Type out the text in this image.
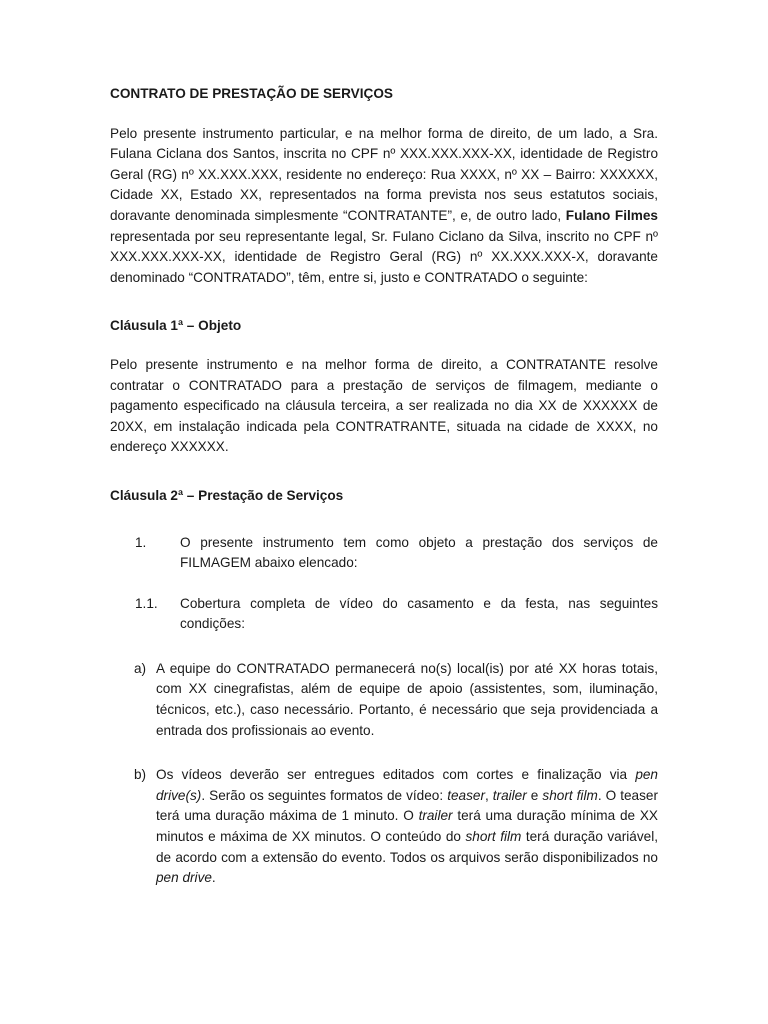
CONTRATO DE PRESTAÇÃO DE SERVIÇOS

Pelo presente instrumento particular, e na melhor forma de direito, de um lado, a Sra. Fulana Ciclana dos Santos, inscrita no CPF nº XXX.XXX.XXX-XX, identidade de Registro Geral (RG) nº XX.XXX.XXX, residente no endereço: Rua XXXX, nº XX – Bairro: XXXXXX, Cidade XX, Estado XX, representados na forma prevista nos seus estatutos sociais, doravante denominada simplesmente “CONTRATANTE”, e, de outro lado, Fulano Filmes representada por seu representante legal, Sr. Fulano Ciclano da Silva, inscrito no CPF nº XXX.XXX.XXX-XX, identidade de Registro Geral (RG) nº XX.XXX.XXX-X, doravante denominado “CONTRATADO”, têm, entre si, justo e CONTRATADO o seguinte:

Cláusula 1ª – Objeto

Pelo presente instrumento e na melhor forma de direito, a CONTRATANTE resolve contratar o CONTRATADO para a prestação de serviços de filmagem, mediante o pagamento especificado na cláusula terceira, a ser realizada no dia XX de XXXXXX de 20XX, em instalação indicada pela CONTRATRANTE, situada na cidade de XXXX, no endereço XXXXXX.

Cláusula 2ª – Prestação de Serviços

1. O presente instrumento tem como objeto a prestação dos serviços de FILMAGEM abaixo elencado:

1.1. Cobertura completa de vídeo do casamento e da festa, nas seguintes condições:

a) A equipe do CONTRATADO permanecerá no(s) local(is) por até XX horas totais, com XX cinegrafistas, além de equipe de apoio (assistentes, som, iluminação, técnicos, etc.), caso necessário. Portanto, é necessário que seja providenciada a entrada dos profissionais ao evento.

b) Os vídeos deverão ser entregues editados com cortes e finalização via pen drive(s). Serão os seguintes formatos de vídeo: teaser, trailer e short film. O teaser terá uma duração máxima de 1 minuto. O trailer terá uma duração mínima de XX minutos e máxima de XX minutos. O conteúdo do short film terá duração variável, de acordo com a extensão do evento. Todos os arquivos serão disponibilizados no pen drive.
